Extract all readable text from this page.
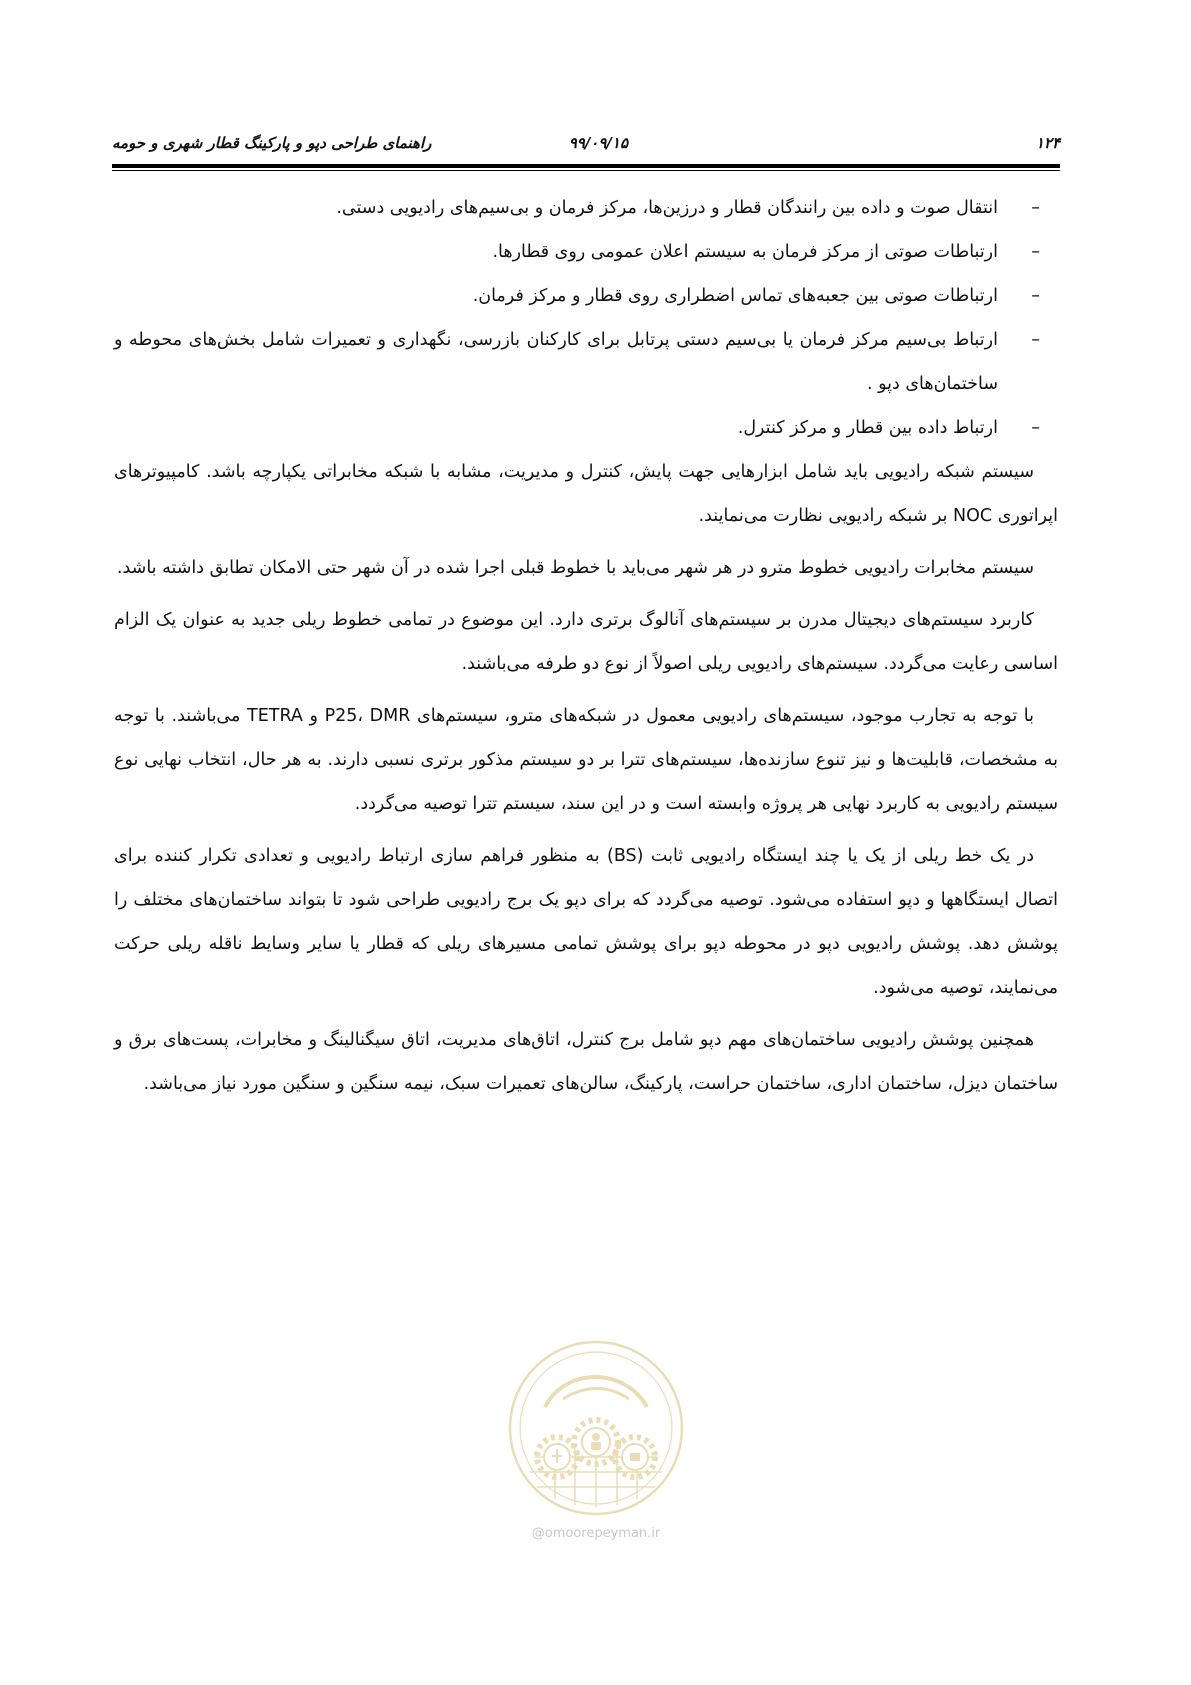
۱۲۴
۹۹/۰۹/۱۵
راهنمای طراحی دپو و پارکینگ قطار شهری و حومه
–
انتقال صوت و داده بین رانندگان قطار و درزین‌ها، مرکز فرمان و بی‌سیم‌های رادیویی دستی.
–
ارتباطات صوتی از مرکز فرمان به سیستم اعلان عمومی روی قطارها.
–
ارتباطات صوتی بین جعبه‌های تماس اضطراری روی قطار و مرکز فرمان.
–
ارتباط بی‌سیم مرکز فرمان یا بی‌سیم دستی پرتابل برای کارکنان بازرسی، نگهداری و تعمیرات شامل بخش‌های محوطه و ساختمان‌های دپو .
–
ارتباط داده بین قطار و مرکز کنترل.

سیستم شبکه رادیویی باید شامل ابزارهایی جهت پایش، کنترل و مدیریت، مشابه با شبکه مخابراتی یکپارچه باشد. کامپیوترهای اپراتوری NOC بر شبکه رادیویی نظارت می‌نمایند.

سیستم مخابرات رادیویی خطوط مترو در هر شهر می‌باید با خطوط قبلی اجرا شده در آن شهر حتی الامکان تطابق داشته باشد.

کاربرد سیستم‌های دیجیتال مدرن بر سیستم‌های آنالوگ برتری دارد. این موضوع در تمامی خطوط ریلی جدید به عنوان یک الزام اساسی رعایت می‌گردد. سیستم‌های رادیویی ریلی اصولاً از نوع دو طرفه می‌باشند.

با توجه به تجارب موجود، سیستم‌های رادیویی معمول در شبکه‌های مترو، سیستم‌های P25، DMR و TETRA می‌باشند. با توجه به مشخصات، قابلیت‌ها و نیز تنوع سازنده‌ها، سیستم‌های تترا بر دو سیستم مذکور برتری نسبی دارند. به هر حال، انتخاب نهایی نوع سیستم رادیویی به کاربرد نهایی هر پروژه وابسته است و در این سند، سیستم تترا توصیه می‌گردد.

در یک خط ریلی از یک یا چند ایستگاه رادیویی ثابت (BS) به منظور فراهم سازی ارتباط رادیویی و تعدادی تکرار کننده برای اتصال ایستگاهها و دپو استفاده می‌شود. توصیه می‌گردد که برای دپو یک برج رادیویی طراحی شود تا بتواند ساختمان‌های مختلف را پوشش دهد. پوشش رادیویی دپو در محوطه دپو برای پوشش تمامی مسیرهای ریلی که قطار یا سایر وسایط ناقله ریلی حرکت می‌نمایند، توصیه می‌شود.

همچنین پوشش رادیویی ساختمان‌های مهم دپو شامل برج کنترل، اتاق‌های مدیریت، اتاق سیگنالینگ و مخابرات، پست‌های برق و ساختمان دیزل، ساختمان اداری، ساختمان حراست، پارکینگ، سالن‌های تعمیرات سبک، نیمه سنگین و سنگین مورد نیاز می‌باشد.

@omoorepeyman.ir
